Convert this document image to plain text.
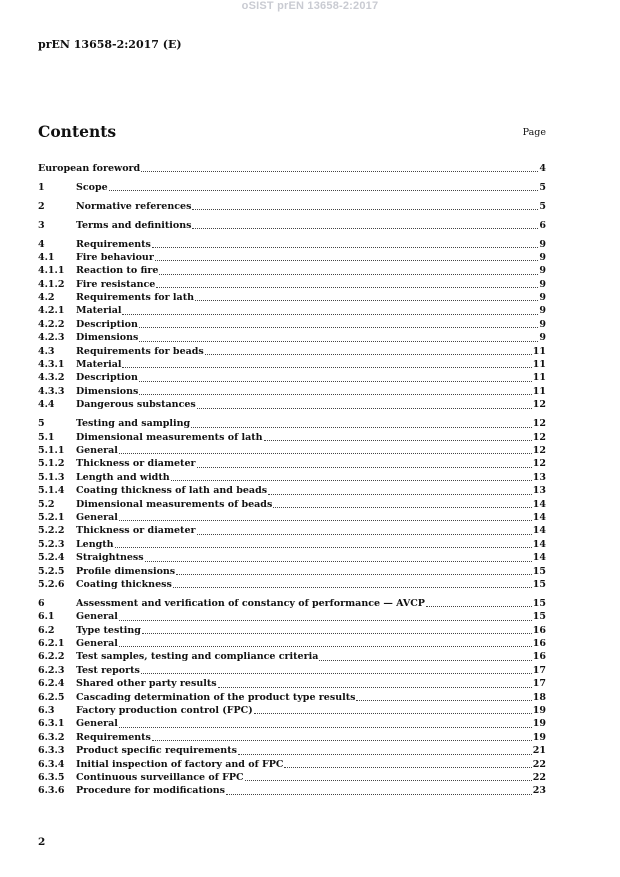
oSIST prEN 13658-2:2017
prEN 13658-2:2017 (E)
Contents	Page
European foreword	4
1	Scope	5
2	Normative references	5
3	Terms and definitions	6
4	Requirements	9
4.1	Fire behaviour	9
4.1.1	Reaction to fire	9
4.1.2	Fire resistance	9
4.2	Requirements for lath	9
4.2.1	Material	9
4.2.2	Description	9
4.2.3	Dimensions	9
4.3	Requirements for beads	11
4.3.1	Material	11
4.3.2	Description	11
4.3.3	Dimensions	11
4.4	Dangerous substances	12
5	Testing and sampling	12
5.1	Dimensional measurements of lath	12
5.1.1	General	12
5.1.2	Thickness or diameter	12
5.1.3	Length and width	13
5.1.4	Coating thickness of lath and beads	13
5.2	Dimensional measurements of beads	14
5.2.1	General	14
5.2.2	Thickness or diameter	14
5.2.3	Length	14
5.2.4	Straightness	14
5.2.5	Profile dimensions	15
5.2.6	Coating thickness	15
6	Assessment and verification of constancy of performance — AVCP	15
6.1	General	15
6.2	Type testing	16
6.2.1	General	16
6.2.2	Test samples, testing and compliance criteria	16
6.2.3	Test reports	17
6.2.4	Shared other party results	17
6.2.5	Cascading determination of the product type results	18
6.3	Factory production control (FPC)	19
6.3.1	General	19
6.3.2	Requirements	19
6.3.3	Product specific requirements	21
6.3.4	Initial inspection of factory and of FPC	22
6.3.5	Continuous surveillance of FPC	22
6.3.6	Procedure for modifications	23
2
